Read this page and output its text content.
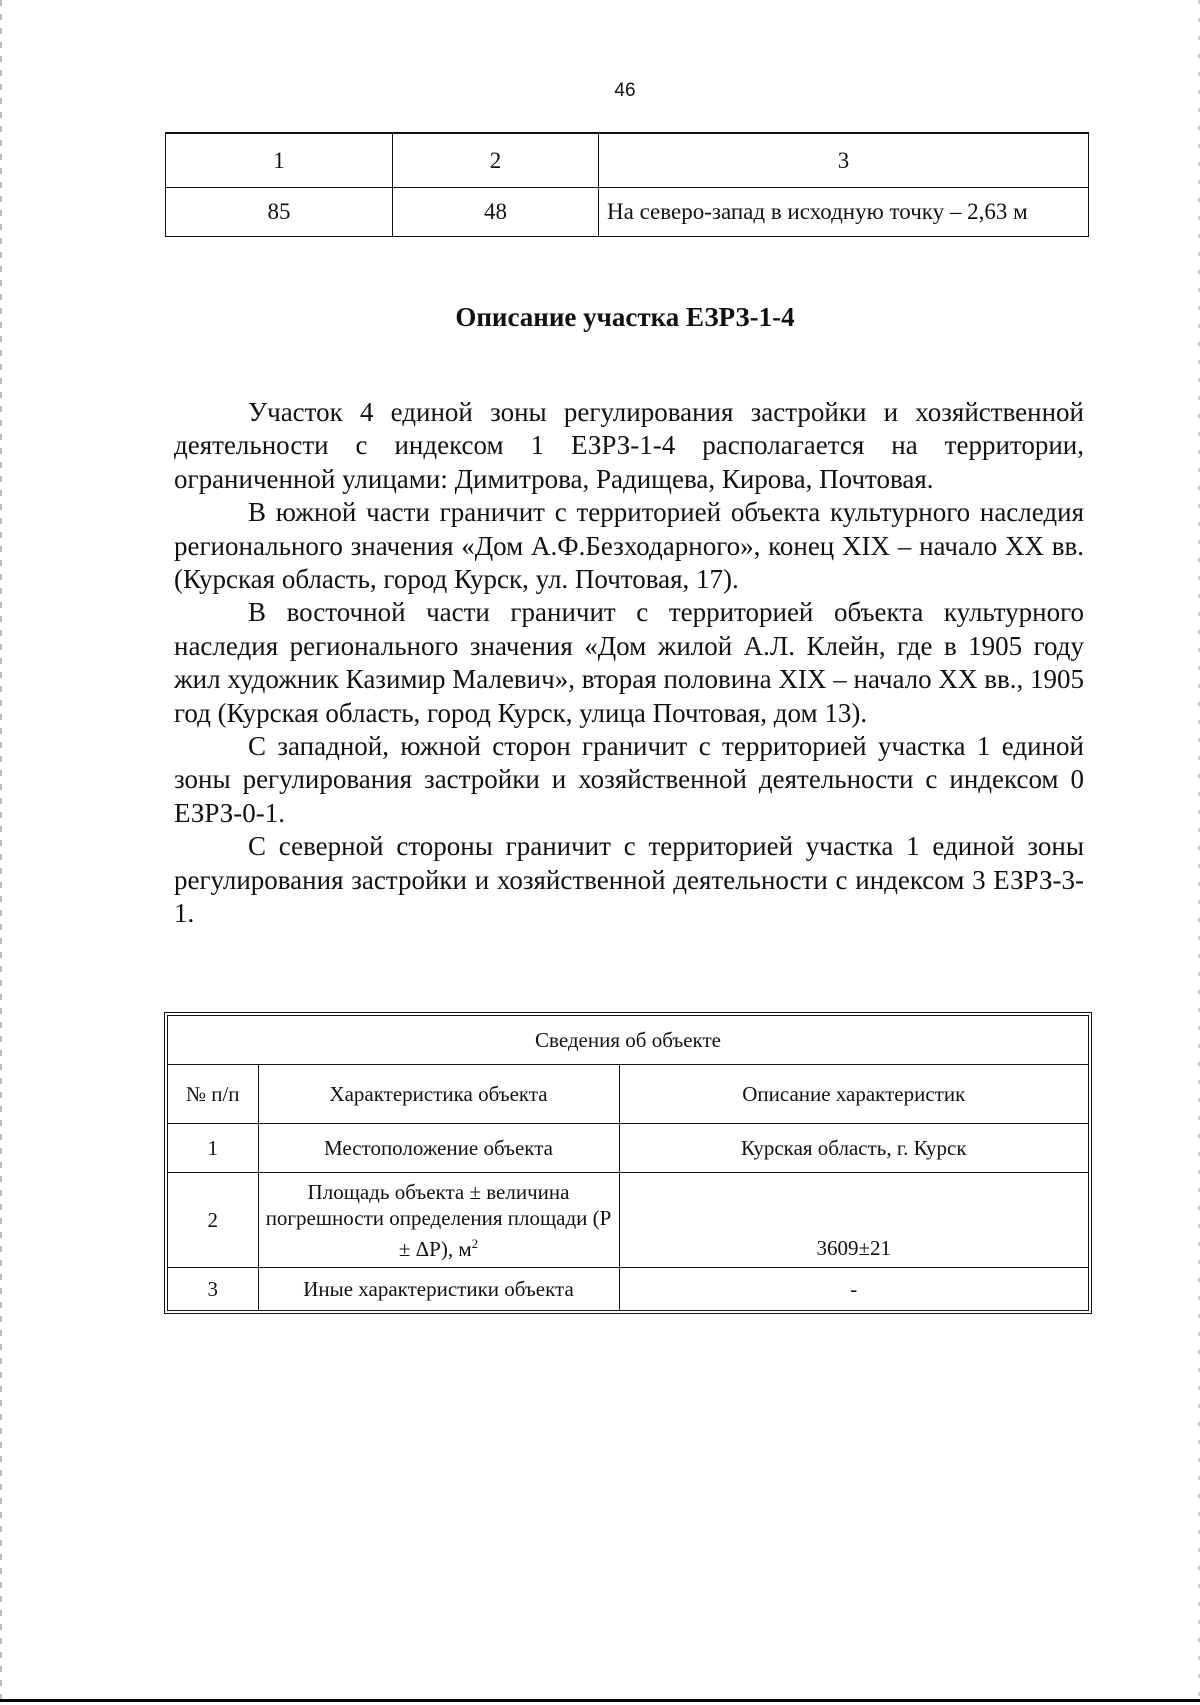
46
1	2	3
85	48	На северо-запад в исходную точку – 2,63 м
Описание участка ЕЗРЗ-1-4

Участок 4 единой зоны регулирования застройки и хозяйственной деятельности с индексом 1 ЕЗРЗ-1-4 располагается на территории, ограниченной улицами: Димитрова, Радищева, Кирова, Почтовая.

В южной части граничит с территорией объекта культурного наследия регионального значения «Дом А.Ф.Безходарного», конец XIX – начало XX вв. (Курская область, город Курск, ул. Почтовая, 17).

В восточной части граничит с территорией объекта культурного наследия регионального значения «Дом жилой А.Л. Клейн, где в 1905 году жил художник Казимир Малевич», вторая половина XIX – начало XX вв., 1905 год (Курская область, город Курск, улица Почтовая, дом 13).

С западной, южной сторон граничит с территорией участка 1 единой зоны регулирования застройки и хозяйственной деятельности с индексом 0 ЕЗРЗ-0-1.

С северной стороны граничит с территорией участка 1 единой зоны регулирования застройки и хозяйственной деятельности с индексом 3 ЕЗРЗ-3-1.

Сведения об объекте		
№ п/п	Характеристика объекта	Описание характеристик
1	Местоположение объекта	Курская область, г. Курск
2	Площадь объекта ± величина погрешности определения площади (P ± ΔP), $м^2$	3609±21
3	Иные характеристики объекта	-
